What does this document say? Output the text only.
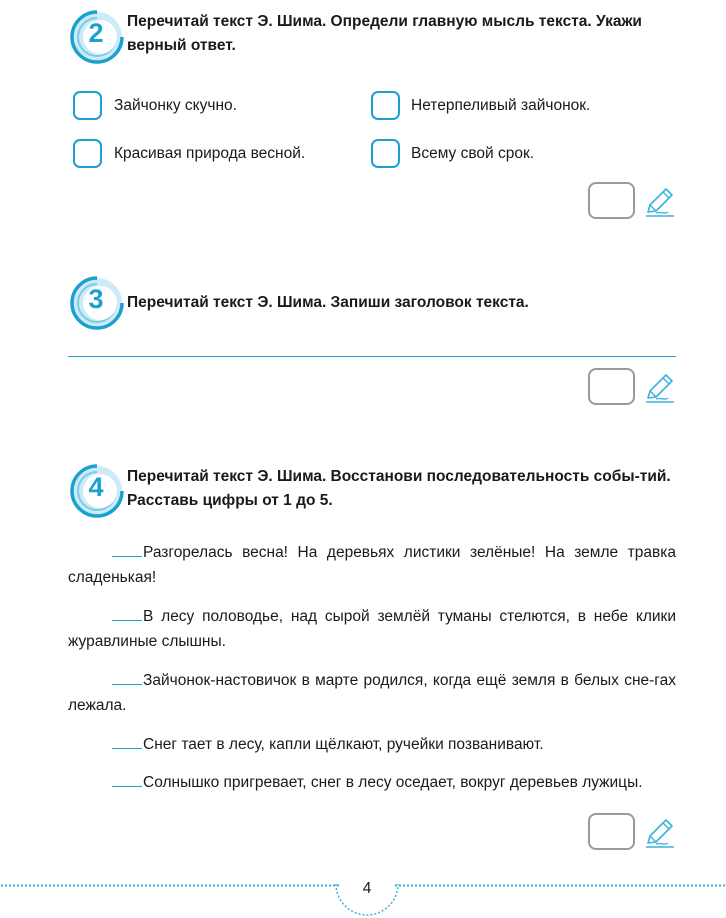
2	Перечитай текст Э. Шима. Определи главную мысль текста. Укажи верный ответ.
Зайчонку скучно.	Нетерпеливый зайчонок.
Красивая природа весной.	Всему свой срок.
3	Перечитай текст Э. Шима. Запиши заголовок текста.
4	Перечитай текст Э. Шима. Восстанови последовательность собы-тий. Расставь цифры от 1 до 5.
Разгорелась весна! На деревьях листики зелёные! На земле травка сладенькая!
В лесу половодье, над сырой землёй туманы стелются, в небе клики журавлиные слышны.
Зайчонок-настовичок в марте родился, когда ещё земля в белых сне-гах лежала.
Снег тает в лесу, капли щёлкают, ручейки позванивают.
Солнышко пригревает, снег в лесу оседает, вокруг деревьев лужицы.
4
